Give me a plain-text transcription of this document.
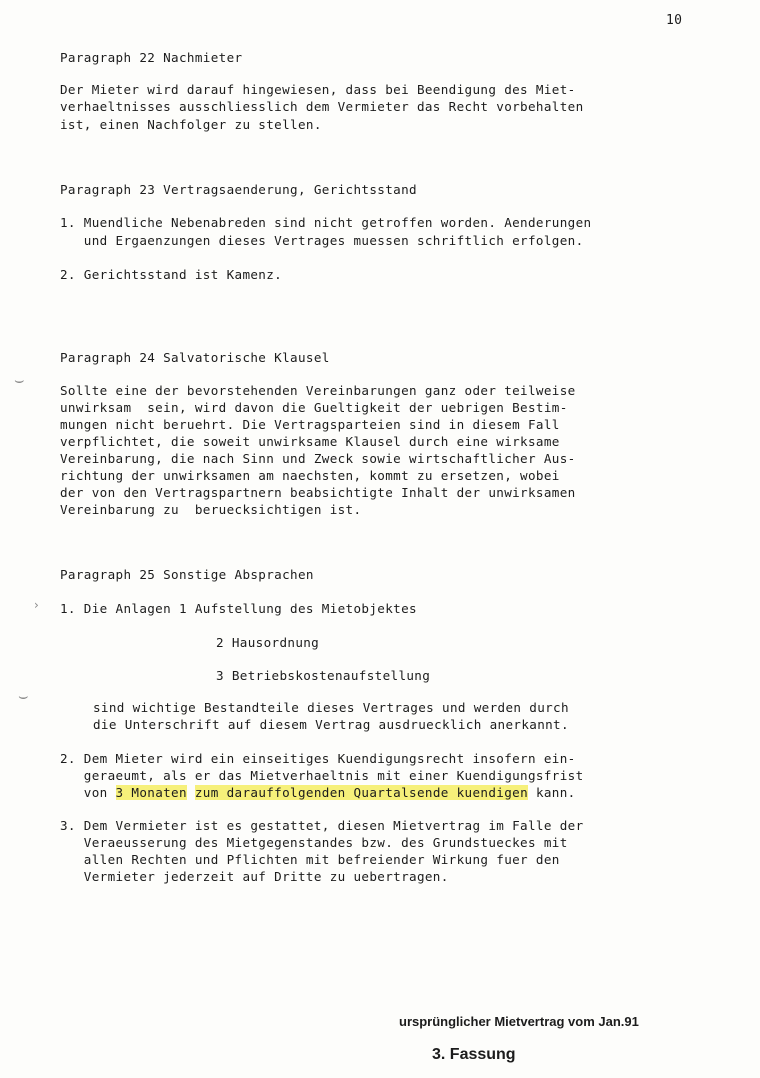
10
Paragraph 22 Nachmieter
Der Mieter wird darauf hingewiesen, dass bei Beendigung des Miet-
verhaeltnisses ausschliesslich dem Vermieter das Recht vorbehalten
ist, einen Nachfolger zu stellen.
Paragraph 23 Vertragsaenderung, Gerichtsstand
1. Muendliche Nebenabreden sind nicht getroffen worden. Aenderungen
und Ergaenzungen dieses Vertrages muessen schriftlich erfolgen.
2. Gerichtsstand ist Kamenz.
Paragraph 24 Salvatorische Klausel
Sollte eine der bevorstehenden Vereinbarungen ganz oder teilweise
unwirksam  sein, wird davon die Gueltigkeit der uebrigen Bestim-
mungen nicht beruehrt. Die Vertragsparteien sind in diesem Fall
verpflichtet, die soweit unwirksame Klausel durch eine wirksame
Vereinbarung, die nach Sinn und Zweck sowie wirtschaftlicher Aus-
richtung der unwirksamen am naechsten, kommt zu ersetzen, wobei
der von den Vertragspartnern beabsichtigte Inhalt der unwirksamen
Vereinbarung zu  beruecksichtigen ist.
Paragraph 25 Sonstige Absprachen
1. Die Anlagen 1 Aufstellung des Mietobjektes
2 Hausordnung
3 Betriebskostenaufstellung
sind wichtige Bestandteile dieses Vertrages und werden durch
die Unterschrift auf diesem Vertrag ausdruecklich anerkannt.
2. Dem Mieter wird ein einseitiges Kuendigungsrecht insofern ein-
geraeumt, als er das Mietverhaeltnis mit einer Kuendigungsfrist
von 3 Monaten zum darauffolgenden Quartalsende kuendigen kann.
3. Dem Vermieter ist es gestattet, diesen Mietvertrag im Falle der
Veraeusserung des Mietgegenstandes bzw. des Grundstueckes mit
allen Rechten und Pflichten mit befreiender Wirkung fuer den
Vermieter jederzeit auf Dritte zu uebertragen.
⌣
⌣
›
ursprünglicher Mietvertrag vom Jan.91
3. Fassung
